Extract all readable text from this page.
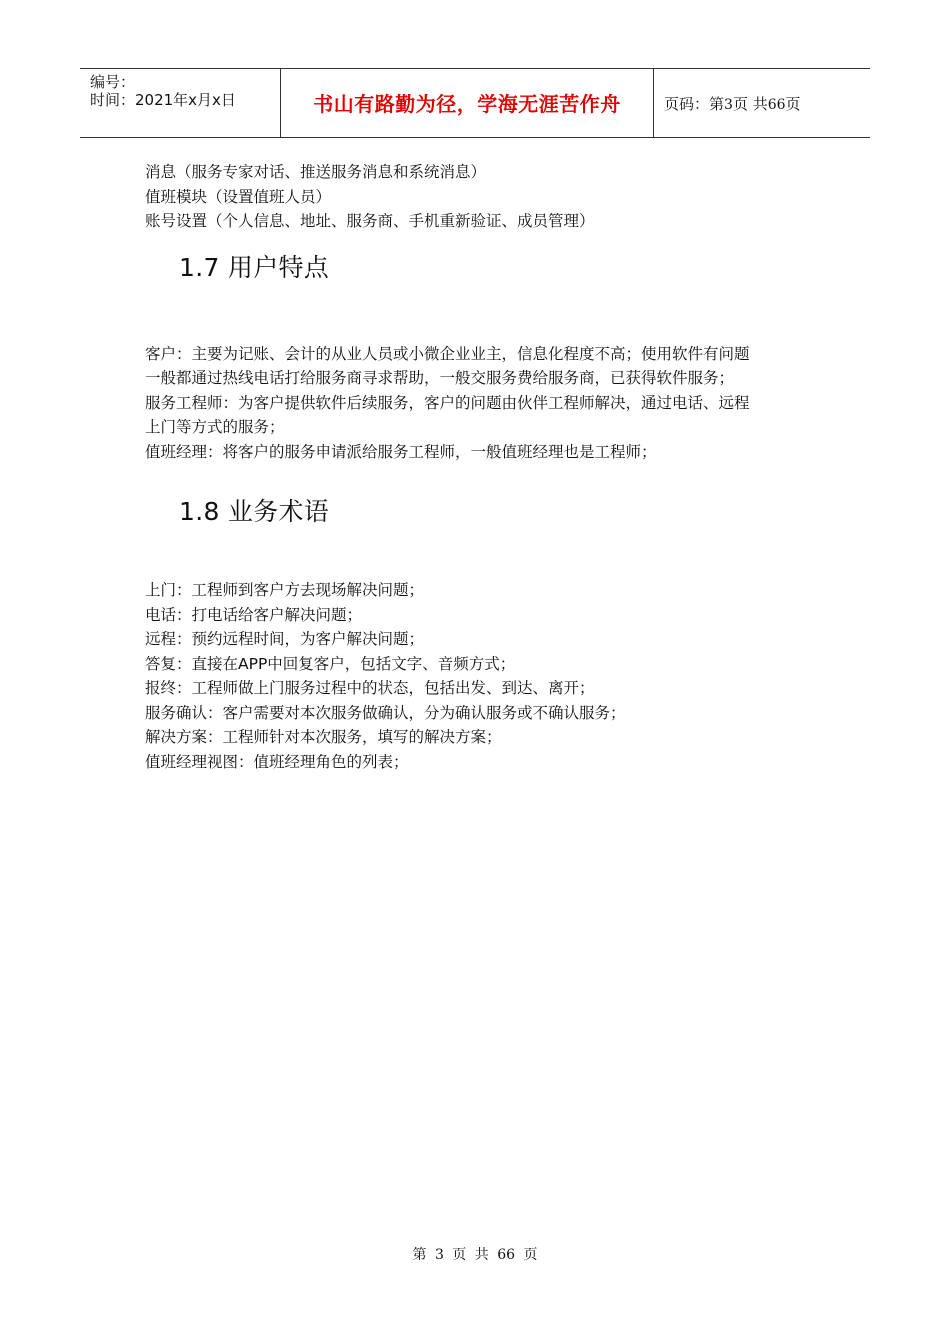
编号：
时间：2021年x月x日	书山有路勤为径，学海无涯苦作舟	页码：第3页 共66页

消息（服务专家对话、推送服务消息和系统消息）

值班模块（设置值班人员）

账号设置（个人信息、地址、服务商、手机重新验证、成员管理）

1.7 用户特点

客户：主要为记账、会计的从业人员或小微企业业主，信息化程度不高；使用软件有问题

一般都通过热线电话打给服务商寻求帮助，一般交服务费给服务商，已获得软件服务；

服务工程师：为客户提供软件后续服务，客户的问题由伙伴工程师解决，通过电话、远程

上门等方式的服务；

值班经理：将客户的服务申请派给服务工程师，一般值班经理也是工程师；

1.8 业务术语

上门：工程师到客户方去现场解决问题；

电话：打电话给客户解决问题；

远程：预约远程时间，为客户解决问题；

答复：直接在APP中回复客户，包括文字、音频方式；

报终：工程师做上门服务过程中的状态，包括出发、到达、离开；

服务确认：客户需要对本次服务做确认，分为确认服务或不确认服务；

解决方案：工程师针对本次服务，填写的解决方案；

值班经理视图：值班经理角色的列表；

第 3 页 共 66 页
